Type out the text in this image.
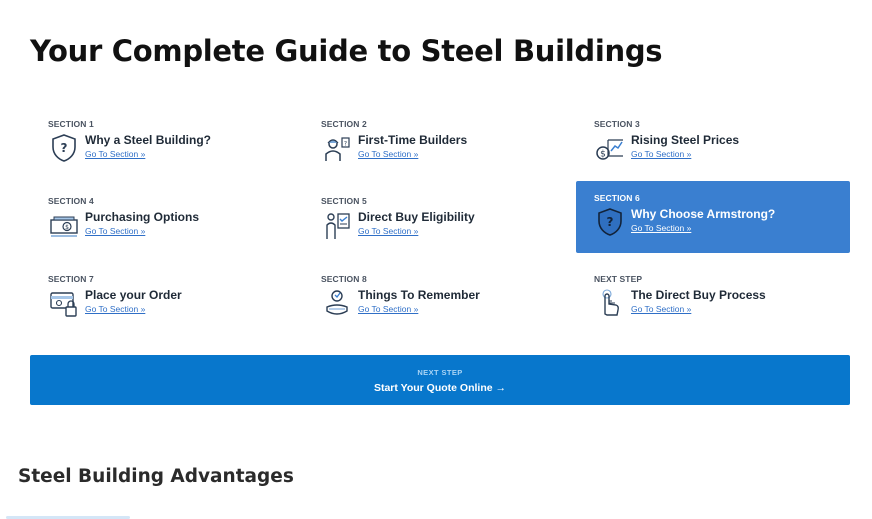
Your Complete Guide to Steel Buildings
SECTION 1
?
Why a Steel Building?
Go To Section »
SECTION 2
? First-Time Builders
Go To Section »
SECTION 3
$
Rising Steel Prices
Go To Section »
SECTION 4
$
Purchasing Options
Go To Section »
SECTION 5
Direct Buy Eligibility
Go To Section »
SECTION 6
?
Why Choose Armstrong?
Go To Section »
SECTION 7
Place your Order
Go To Section »
SECTION 8
Things To Remember
Go To Section »
NEXT STEP
The Direct Buy Process
Go To Section »
NEXT STEP
Start Your Quote Online →
Steel Building Advantages
